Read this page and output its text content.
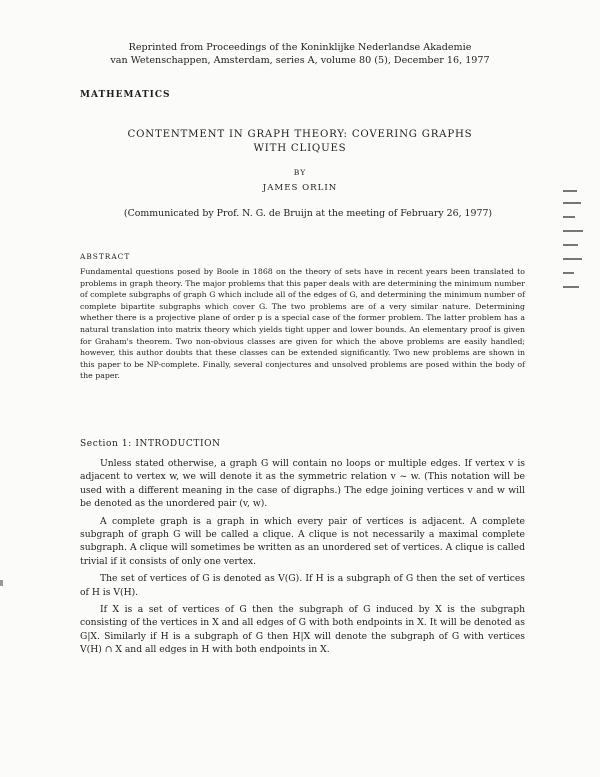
Reprinted from Proceedings of the Koninklijke Nederlandse Akademie
van Wetenschappen, Amsterdam, series A, volume 80 (5), December 16, 1977
MATHEMATICS
CONTENTMENT IN GRAPH THEORY: COVERING GRAPHS
WITH CLIQUES
BY
JAMES ORLIN
(Communicated by Prof. N. G. de Bruijn at the meeting of February 26, 1977)
ABSTRACT

Fundamental questions posed by Boole in 1868 on the theory of sets have in recent years been translated to problems in graph theory. The major problems that this paper deals with are determining the minimum number of complete subgraphs of graph G which include all of the edges of G, and determining the minimum number of complete bipartite subgraphs which cover G. The two problems are of a very similar nature. Determining whether there is a projective plane of order p is a special case of the former problem. The latter problem has a natural translation into matrix theory which yields tight upper and lower bounds. An elementary proof is given for Graham's theorem. Two non-obvious classes are given for which the above problems are easily handled; however, this author doubts that these classes can be extended significantly. Two new problems are shown in this paper to be NP-complete. Finally, several conjectures and unsolved problems are posed within the body of the paper.

Section 1: INTRODUCTION

Unless stated otherwise, a graph G will contain no loops or multiple edges. If vertex v is adjacent to vertex w, we will denote it as the symmetric relation v ~ w. (This notation will be used with a different meaning in the case of digraphs.) The edge joining vertices v and w will be denoted as the unordered pair (v, w).

A complete graph is a graph in which every pair of vertices is adjacent. A complete subgraph of graph G will be called a clique. A clique is not necessarily a maximal complete subgraph. A clique will sometimes be written as an unordered set of vertices. A clique is called trivial if it consists of only one vertex.

The set of vertices of G is denoted as V(G). If H is a subgraph of G then the set of vertices of H is V(H).

If X is a set of vertices of G then the subgraph of G induced by X is the subgraph consisting of the vertices in X and all edges of G with both endpoints in X. It will be denoted as G|X. Similarly if H is a subgraph of G then H|X will denote the subgraph of G with vertices V(H) ∩ X and all edges in H with both endpoints in X.
